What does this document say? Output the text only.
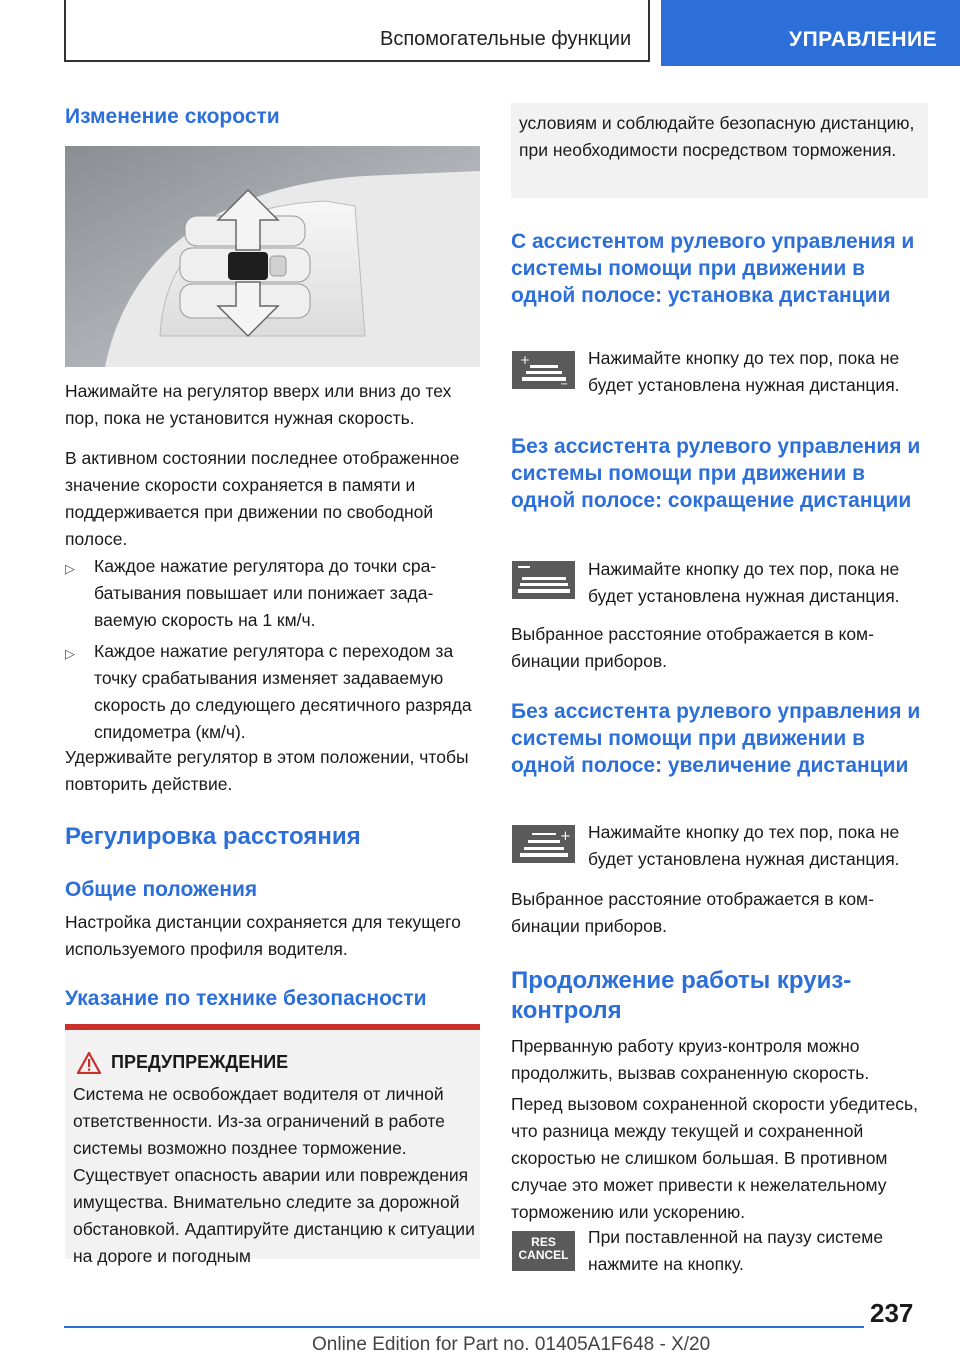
Вспомогательные функции	УПРАВЛЕНИЕ
Изменение скорости

Нажимайте на регулятор вверх или вниз до тех пор, пока не установится нужная скорость.

В активном состоянии последнее отображенное значение скорости сохраняется в памяти и поддерживается при движении по свободной полосе.

▷ Каждое нажатие регулятора до точки срабатывания повышает или понижает задаваемую скорость на 1 км/ч.
▷ Каждое нажатие регулятора с переходом за точку срабатывания изменяет задаваемую скорость до следующего десятичного разряда спидометра (км/ч).

Удерживайте регулятор в этом положении, чтобы повторить действие.

Регулировка расстояния
Общие положения

Настройка дистанции сохраняется для текущего используемого профиля водителя.

Указание по технике безопасности
ПРЕДУПРЕЖДЕНИЕ
Система не освобождает водителя от личной ответственности. Из-за ограничений в работе системы возможно позднее торможение. Существует опасность аварии или повреждения имущества. Внимательно следите за дорожной обстановкой. Адаптируйте дистанцию к ситуации на дороге и погодным
условиям и соблюдайте безопасную дистанцию, при необходимости посредством торможения.
С ассистентом рулевого управления и системы помощи при движении в одной полосе: установка дистанции
+
−
Нажимайте кнопку до тех пор, пока не будет установлена нужная дистанция.
Без ассистента рулевого управления и системы помощи при движении в одной полосе: сокращение дистанции
Нажимайте кнопку до тех пор, пока не будет установлена нужная дистанция.

Выбранное расстояние отображается в комбинации приборов.

Без ассистента рулевого управления и системы помощи при движении в одной полосе: увеличение дистанции
+ Нажимайте кнопку до тех пор, пока не будет установлена нужная дистанция.

Выбранное расстояние отображается в комбинации приборов.

Продолжение работы круиз-контроля

Прерванную работу круиз-контроля можно продолжить, вызвав сохраненную скорость.

Перед вызовом сохраненной скорости убедитесь, что разница между текущей и сохраненной скоростью не слишком большая. В противном случае это может привести к нежелательному торможению или ускорению.

RES
CANCEL
При поставленной на паузу системе нажмите на кнопку.
237
Online Edition for Part no. 01405A1F648 - X/20
